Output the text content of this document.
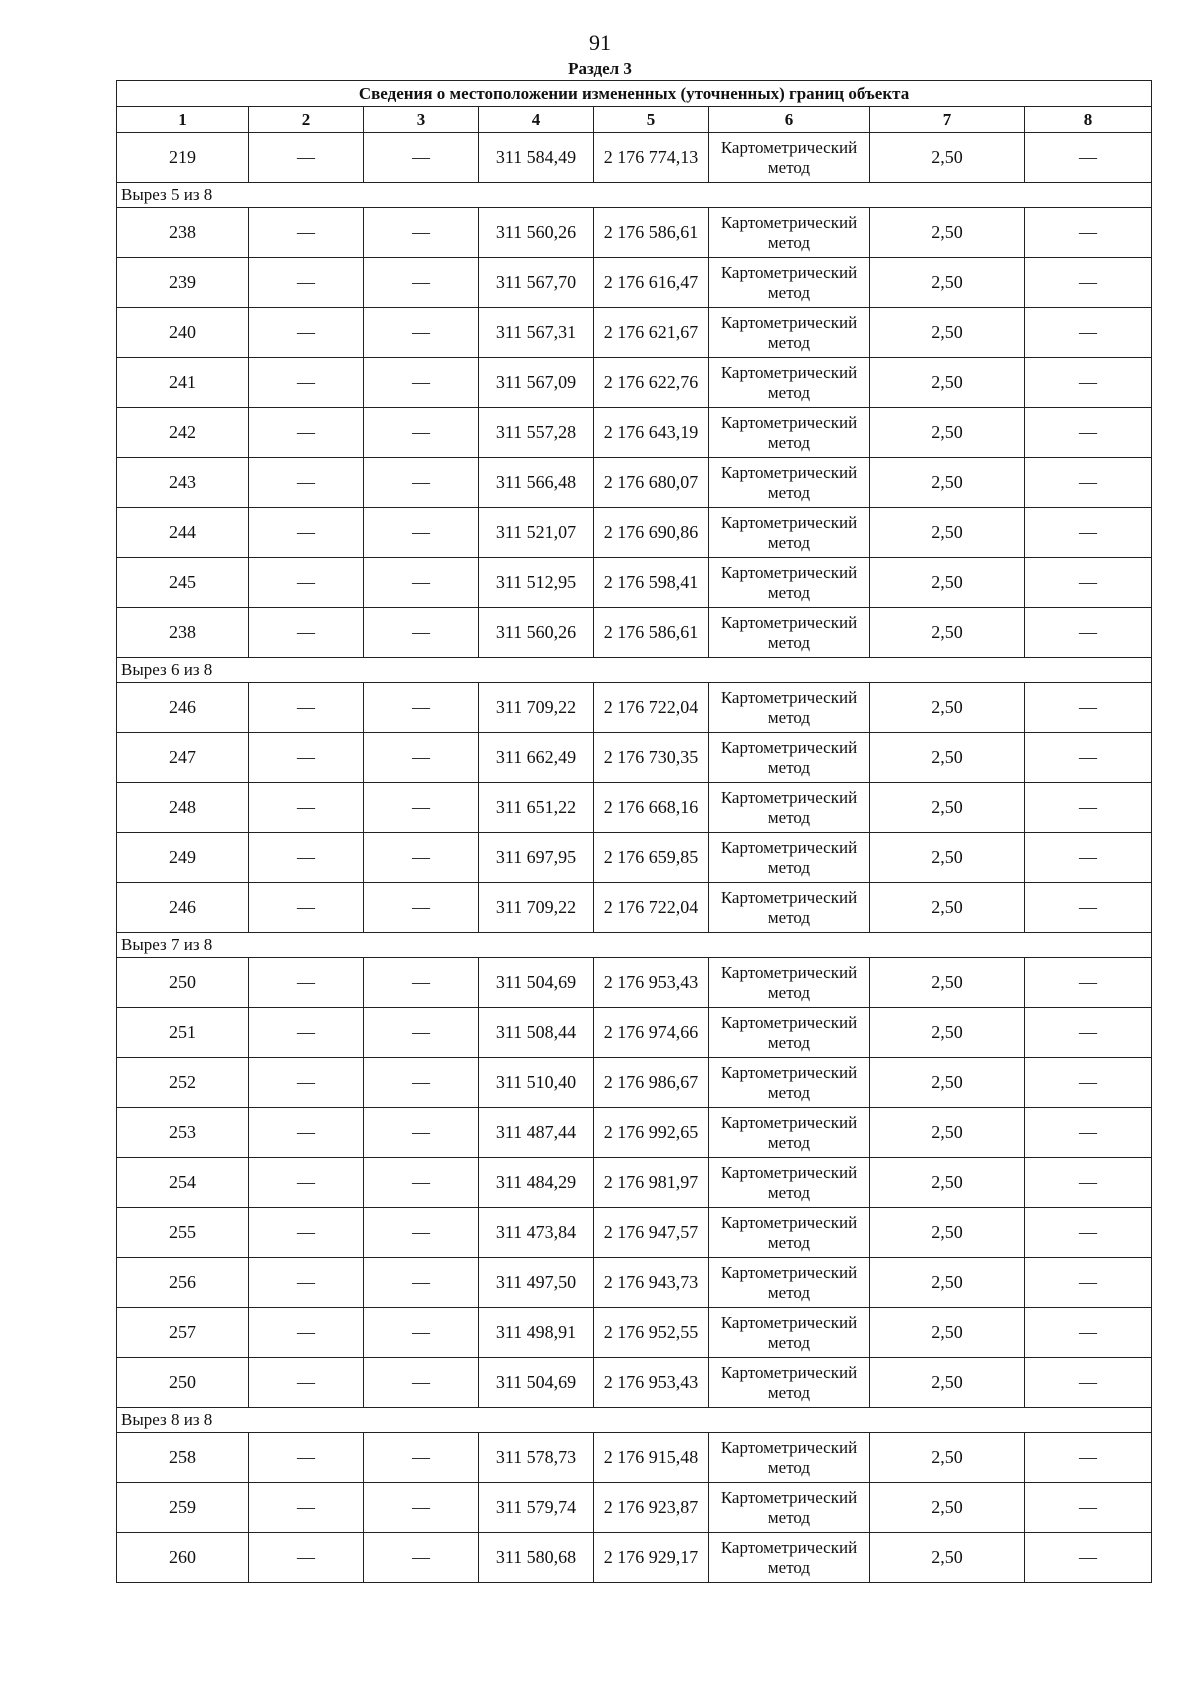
91
Раздел 3
Сведения о местоположении измененных (уточненных) границ объекта							
1	2	3	4	5	6	7	8
219	—	—	311 584,49	2 176 774,13	Картометрический метод	2,50	—
Вырез 5 из 8							
238	—	—	311 560,26	2 176 586,61	Картометрический метод	2,50	—
239	—	—	311 567,70	2 176 616,47	Картометрический метод	2,50	—
240	—	—	311 567,31	2 176 621,67	Картометрический метод	2,50	—
241	—	—	311 567,09	2 176 622,76	Картометрический метод	2,50	—
242	—	—	311 557,28	2 176 643,19	Картометрический метод	2,50	—
243	—	—	311 566,48	2 176 680,07	Картометрический метод	2,50	—
244	—	—	311 521,07	2 176 690,86	Картометрический метод	2,50	—
245	—	—	311 512,95	2 176 598,41	Картометрический метод	2,50	—
238	—	—	311 560,26	2 176 586,61	Картометрический метод	2,50	—
Вырез 6 из 8							
246	—	—	311 709,22	2 176 722,04	Картометрический метод	2,50	—
247	—	—	311 662,49	2 176 730,35	Картометрический метод	2,50	—
248	—	—	311 651,22	2 176 668,16	Картометрический метод	2,50	—
249	—	—	311 697,95	2 176 659,85	Картометрический метод	2,50	—
246	—	—	311 709,22	2 176 722,04	Картометрический метод	2,50	—
Вырез 7 из 8							
250	—	—	311 504,69	2 176 953,43	Картометрический метод	2,50	—
251	—	—	311 508,44	2 176 974,66	Картометрический метод	2,50	—
252	—	—	311 510,40	2 176 986,67	Картометрический метод	2,50	—
253	—	—	311 487,44	2 176 992,65	Картометрический метод	2,50	—
254	—	—	311 484,29	2 176 981,97	Картометрический метод	2,50	—
255	—	—	311 473,84	2 176 947,57	Картометрический метод	2,50	—
256	—	—	311 497,50	2 176 943,73	Картометрический метод	2,50	—
257	—	—	311 498,91	2 176 952,55	Картометрический метод	2,50	—
250	—	—	311 504,69	2 176 953,43	Картометрический метод	2,50	—
Вырез 8 из 8							
258	—	—	311 578,73	2 176 915,48	Картометрический метод	2,50	—
259	—	—	311 579,74	2 176 923,87	Картометрический метод	2,50	—
260	—	—	311 580,68	2 176 929,17	Картометрический метод	2,50	—
